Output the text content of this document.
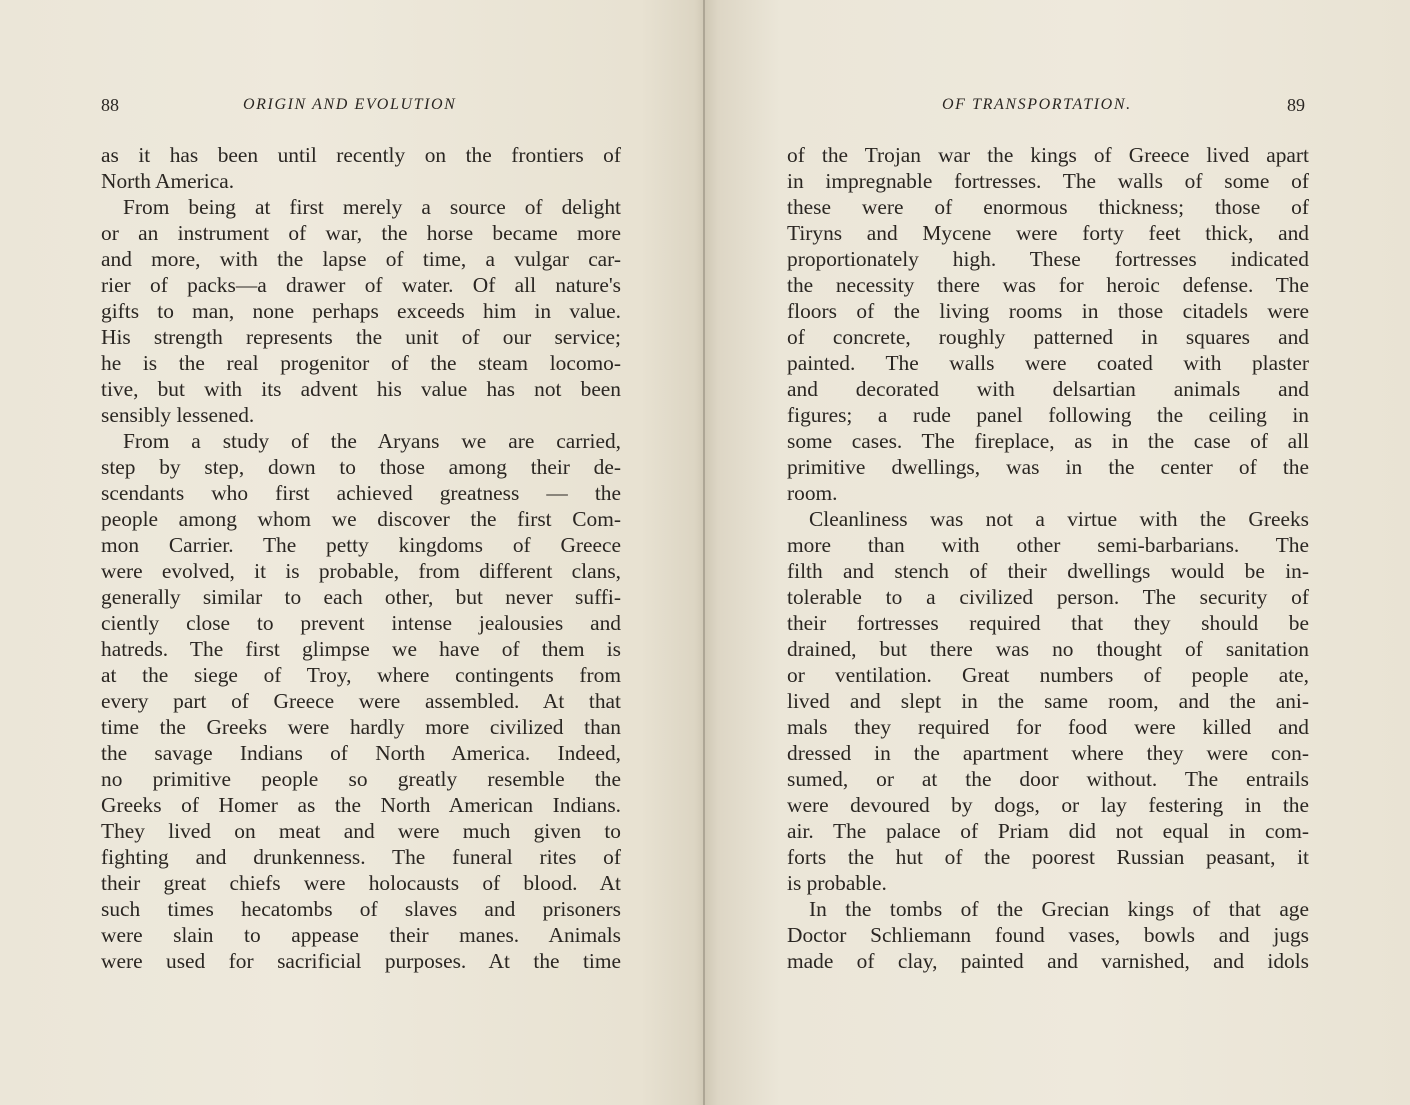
88	ORIGIN AND EVOLUTION
as it has been until recently on the frontiers of
North America.
From being at first merely a source of delight
or an instrument of war, the horse became more
and more, with the lapse of time, a vulgar car-
rier of packs—a drawer of water. Of all nature's
gifts to man, none perhaps exceeds him in value.
His strength represents the unit of our service;
he is the real progenitor of the steam locomo-
tive, but with its advent his value has not been
sensibly lessened.
From a study of the Aryans we are carried,
step by step, down to those among their de-
scendants who first achieved greatness — the
people among whom we discover the first Com-
mon Carrier. The petty kingdoms of Greece
were evolved, it is probable, from different clans,
generally similar to each other, but never suffi-
ciently close to prevent intense jealousies and
hatreds. The first glimpse we have of them is
at the siege of Troy, where contingents from
every part of Greece were assembled. At that
time the Greeks were hardly more civilized than
the savage Indians of North America. Indeed,
no primitive people so greatly resemble the
Greeks of Homer as the North American Indians.
They lived on meat and were much given to
fighting and drunkenness. The funeral rites of
their great chiefs were holocausts of blood. At
such times hecatombs of slaves and prisoners
were slain to appease their manes. Animals
were used for sacrificial purposes. At the time
OF TRANSPORTATION.	89
of the Trojan war the kings of Greece lived apart
in impregnable fortresses. The walls of some of
these were of enormous thickness; those of
Tiryns and Mycene were forty feet thick, and
proportionately high. These fortresses indicated
the necessity there was for heroic defense. The
floors of the living rooms in those citadels were
of concrete, roughly patterned in squares and
painted. The walls were coated with plaster
and decorated with delsartian animals and
figures; a rude panel following the ceiling in
some cases. The fireplace, as in the case of all
primitive dwellings, was in the center of the
room.
Cleanliness was not a virtue with the Greeks
more than with other semi-barbarians. The
filth and stench of their dwellings would be in-
tolerable to a civilized person. The security of
their fortresses required that they should be
drained, but there was no thought of sanitation
or ventilation. Great numbers of people ate,
lived and slept in the same room, and the ani-
mals they required for food were killed and
dressed in the apartment where they were con-
sumed, or at the door without. The entrails
were devoured by dogs, or lay festering in the
air. The palace of Priam did not equal in com-
forts the hut of the poorest Russian peasant, it
is probable.
In the tombs of the Grecian kings of that age
Doctor Schliemann found vases, bowls and jugs
made of clay, painted and varnished, and idols
